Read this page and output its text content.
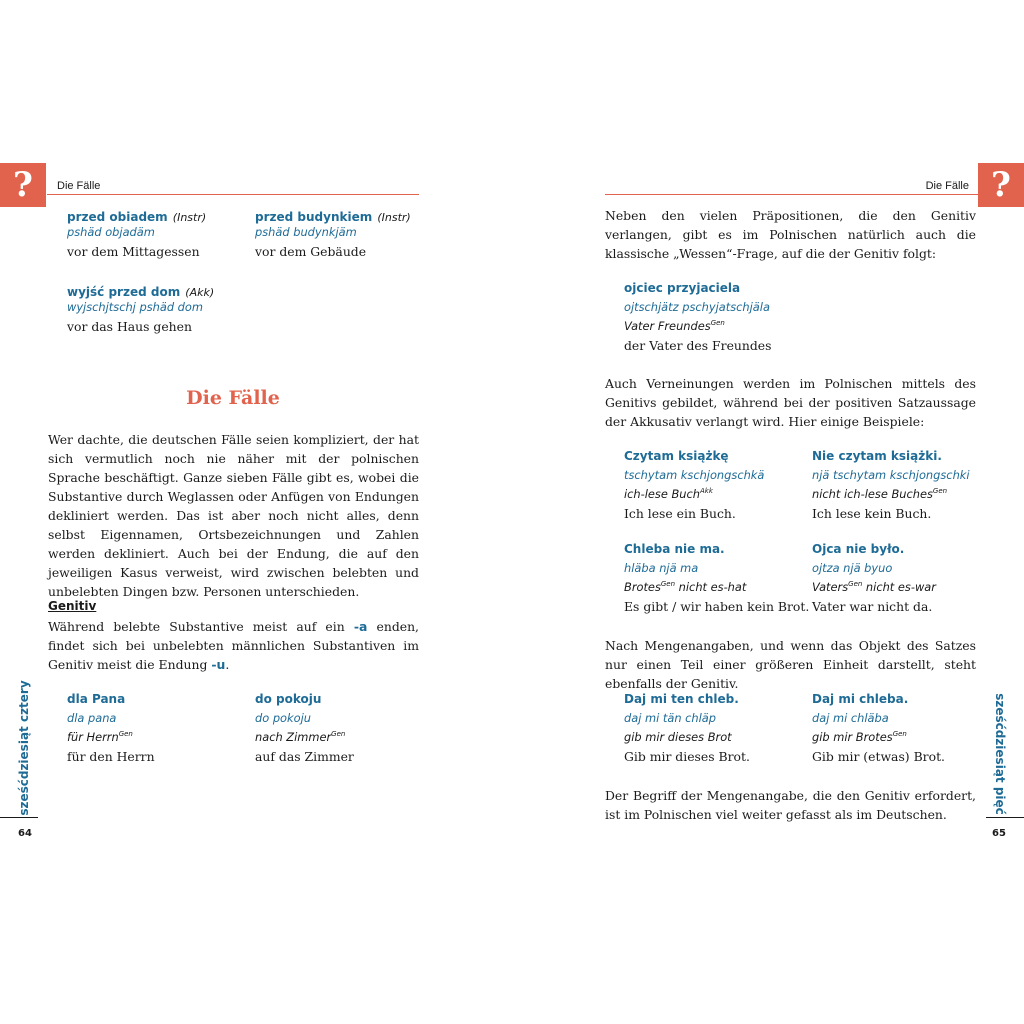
?	Die Fälle
przed obiadem (Instr)
pshäd objadäm
vor dem Mittagessen
przed budynkiem (Instr)
pshäd budynkjäm
vor dem Gebäude
wyjść przed dom (Akk)
wyjschjtschj pshäd dom
vor das Haus gehen
Die Fälle
Wer dachte, die deutschen Fälle seien kompliziert, der hat sich vermutlich noch nie näher mit der polnischen Sprache beschäftigt. Ganze sieben Fälle gibt es, wobei die Substantive durch Weglassen oder Anfügen von Endungen dekliniert werden. Das ist aber noch nicht alles, denn selbst Eigennamen, Ortsbezeichnungen und Zahlen werden dekliniert. Auch bei der Endung, die auf den jeweiligen Kasus verweist, wird zwischen belebten und unbelebten Dingen bzw. Personen unterschieden.
Genitiv
Während belebte Substantive meist auf ein -a enden, findet sich bei unbelebten männlichen Substantiven im Genitiv meist die Endung -u.
dla Pana
dla pana
für Herrn$^{Gen}$
für den Herrn
do pokoju
do pokoju
nach Zimmer$^{Gen}$
auf das Zimmer
sześćdziesiąt cztery
64
?
Die Fälle
Neben den vielen Präpositionen, die den Genitiv verlangen, gibt es im Polnischen natürlich auch die klassische „Wessen“-Frage, auf die der Genitiv folgt:
ojciec przyjaciela
ojtschjätz pschyjatschjäla
Vater Freundes$^{Gen}$
der Vater des Freundes
Auch Verneinungen werden im Polnischen mittels des Genitivs gebildet, während bei der positiven Satzaussage der Akkusativ verlangt wird. Hier einige Beispiele:
Czytam książkę
tschytam kschjongschkä
ich-lese Buch$^{Akk}$
Ich lese ein Buch.
Nie czytam książki.
njä tschytam kschjongschki
nicht ich-lese Buches$^{Gen}$
Ich lese kein Buch.
Chleba nie ma.
hläba njä ma
Brotes$^{Gen}$ nicht es-hat
Es gibt / wir haben kein Brot.
Ojca nie było.
ojtza njä byuo
Vaters$^{Gen}$ nicht es-war
Vater war nicht da.
Nach Mengenangaben, und wenn das Objekt des Satzes nur einen Teil einer größeren Einheit darstellt, steht ebenfalls der Genitiv.
Daj mi ten chleb.
daj mi tän chläp
gib mir dieses Brot
Gib mir dieses Brot.
Daj mi chleba.
daj mi chläba
gib mir Brotes$^{Gen}$
Gib mir (etwas) Brot.
Der Begriff der Mengenangabe, die den Genitiv erfordert, ist im Polnischen viel weiter gefasst als im Deutschen.	sześćdziesiąt pięć
65
